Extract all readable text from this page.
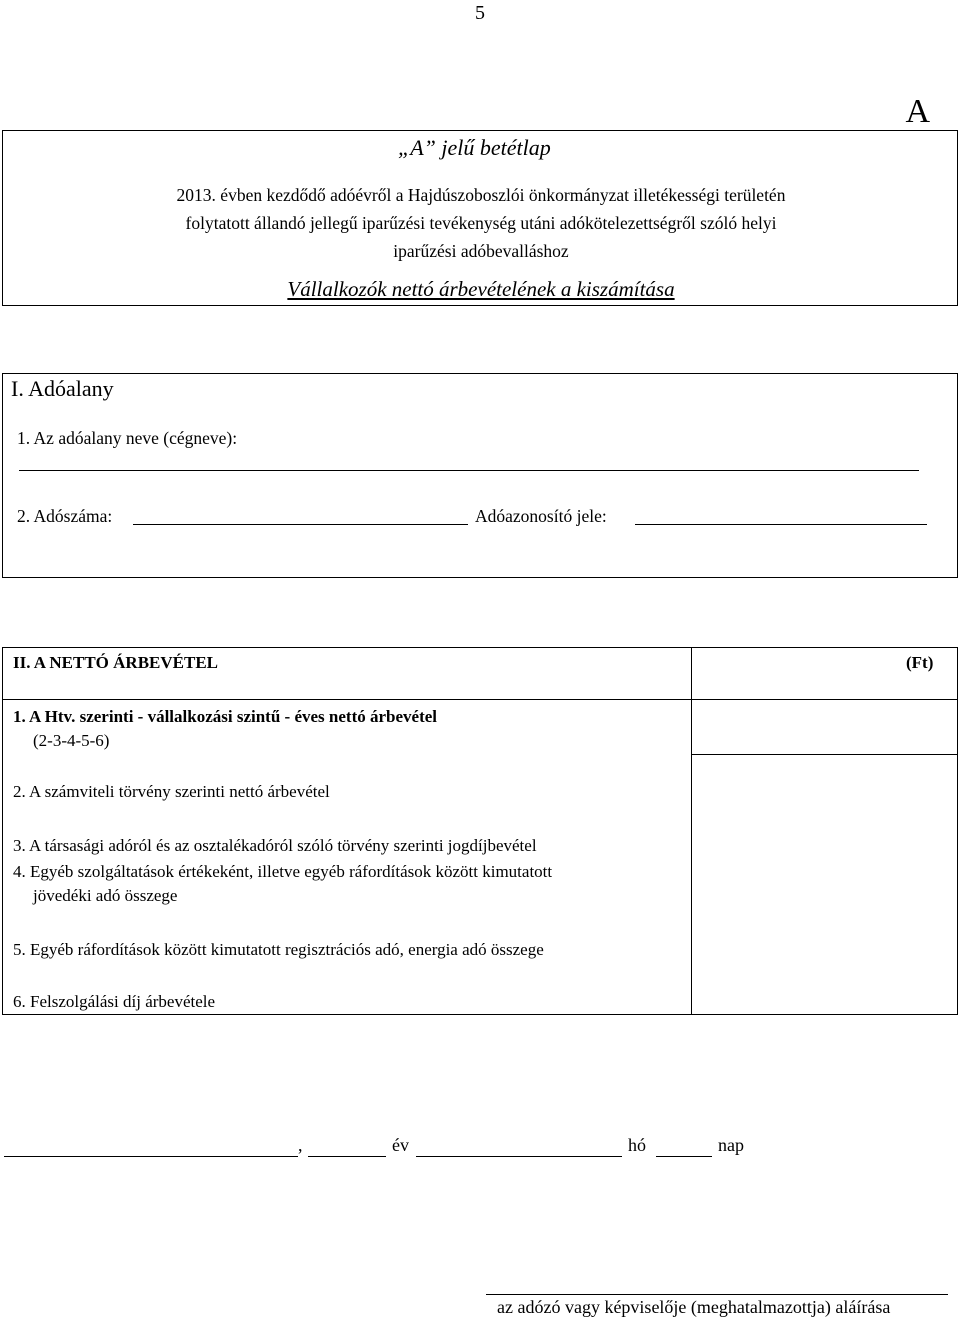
5
A
„A” jelű betétlap
2013. évben kezdődő adóévről a Hajdúszoboszlói önkormányzat illetékességi területén
folytatott állandó jellegű iparűzési tevékenység utáni adókötelezettségről szóló helyi
iparűzési adóbevalláshoz
Vállalkozók nettó árbevételének a kiszámítása
I. Adóalany
1. Az adóalany neve (cégneve):
2. Adószáma:	Adóazonosító jele:
II. A NETTÓ ÁRBEVÉTEL	(Ft)
1. A Htv. szerinti - vállalkozási szintű - éves nettó árbevétel
(2-3-4-5-6)
2. A számviteli törvény szerinti nettó árbevétel
3. A társasági adóról és az osztalékadóról szóló törvény szerinti jogdíjbevétel
4. Egyéb szolgáltatások értékeként, illetve egyéb ráfordítások között kimutatott
jövedéki adó összege
5. Egyéb ráfordítások között kimutatott regisztrációs adó, energia adó összege
6. Felszolgálási díj árbevétele
,	év	hó	nap
az adózó vagy képviselője (meghatalmazottja) aláírása
